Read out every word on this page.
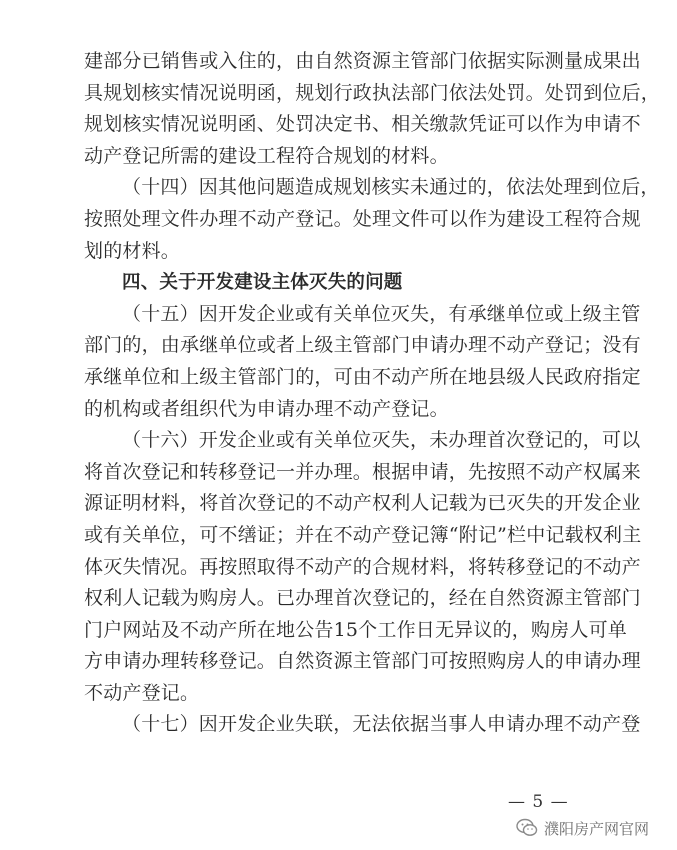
建部分已销售或入住的，由自然资源主管部门依据实际测量成果出
具规划核实情况说明函，规划行政执法部门依法处罚。处罚到位后，
规划核实情况说明函、处罚决定书、相关缴款凭证可以作为申请不
动产登记所需的建设工程符合规划的材料。
（十四）因其他问题造成规划核实未通过的，依法处理到位后，
按照处理文件办理不动产登记。处理文件可以作为建设工程符合规
划的材料。
四、关于开发建设主体灭失的问题
（十五）因开发企业或有关单位灭失，有承继单位或上级主管
部门的，由承继单位或者上级主管部门申请办理不动产登记；没有
承继单位和上级主管部门的，可由不动产所在地县级人民政府指定
的机构或者组织代为申请办理不动产登记。
（十六）开发企业或有关单位灭失，未办理首次登记的，可以
将首次登记和转移登记一并办理。根据申请，先按照不动产权属来
源证明材料，将首次登记的不动产权利人记载为已灭失的开发企业
或有关单位，可不缮证；并在不动产登记簿“附记”栏中记载权利主
体灭失情况。再按照取得不动产的合规材料，将转移登记的不动产
权利人记载为购房人。已办理首次登记的，经在自然资源主管部门
门户网站及不动产所在地公告15个工作日无异议的，购房人可单
方申请办理转移登记。自然资源主管部门可按照购房人的申请办理
不动产登记。
（十七）因开发企业失联，无法依据当事人申请办理不动产登
— 5 —
濮阳房产网官网
